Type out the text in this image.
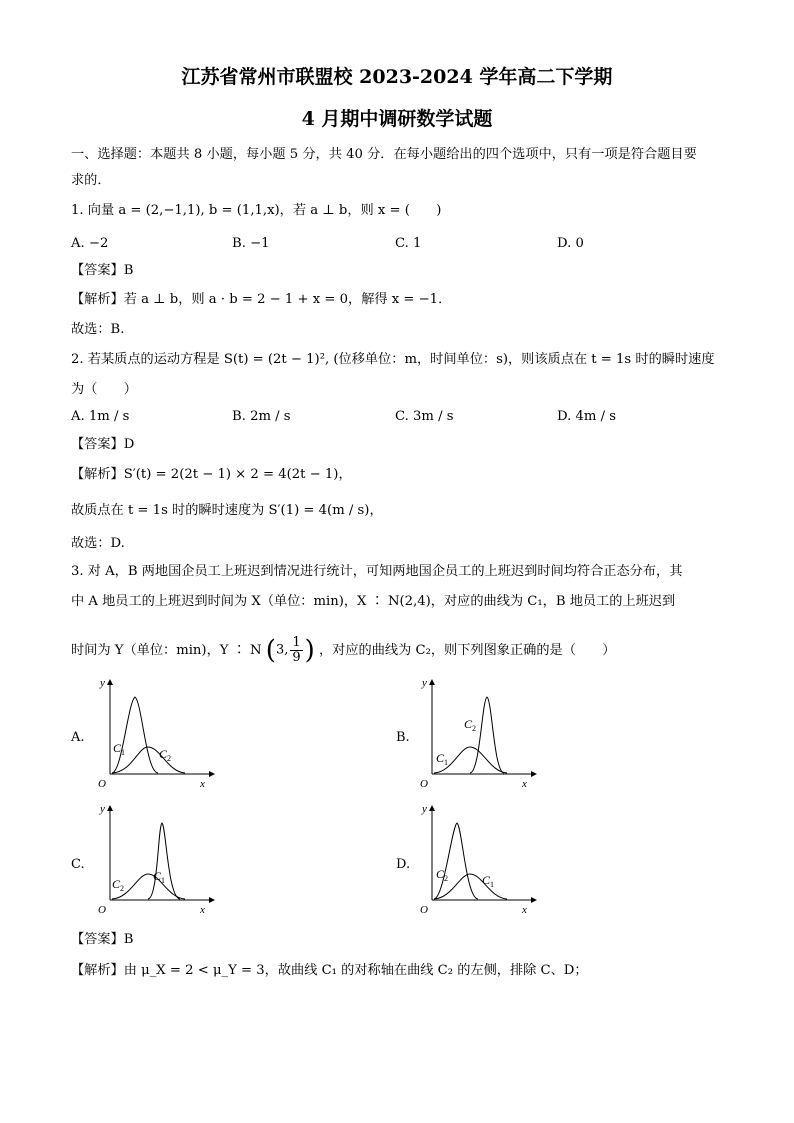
江苏省常州市联盟校 2023-2024 学年高二下学期
4 月期中调研数学试题
一、选择题：本题共 8 小题，每小题 5 分，共 40 分．在每小题给出的四个选项中，只有一项是符合题目要
求的．
1. 向量 a = (2,−1,1), b = (1,1,x)，若 a ⊥ b，则 x = (　　)
A. −2	B. −1	C. 1	D. 0
【答案】B
【解析】若 a ⊥ b，则 a · b = 2 − 1 + x = 0，解得 x = −1．
故选：B.
2. 若某质点的运动方程是 S(t) = (2t − 1)², (位移单位：m，时间单位：s)，则该质点在 t = 1s 时的瞬时速度
为（　　）
A. 1m / s	B. 2m / s	C. 3m / s	D. 4m / s
【答案】D
【解析】S′(t) = 2(2t − 1) × 2 = 4(2t − 1)，
故质点在 t = 1s 时的瞬时速度为 S′(1) = 4(m / s)，
故选：D.
3. 对 A，B 两地国企员工上班迟到情况进行统计，可知两地国企员工的上班迟到时间均符合正态分布，其
中 A 地员工的上班迟到时间为 X（单位：min)，X ∶ N(2,4)，对应的曲线为 C₁，B 地员工的上班迟到
时间为 Y（单位：min)，Y ∶ N (3, $\frac{1}{9}$ ) ，对应的曲线为 C₂，则下列图象正确的是（　　）
A.	B.
C.	D.
y
x
O
$C_1$	$C_2$
y
x
O
$C_1$
$C_2$
y
x
O
$C_2$
$C_1$
y
x
O
$C_2$	$C_1$
【答案】B
【解析】由 μ_X = 2 < μ_Y = 3，故曲线 C₁ 的对称轴在曲线 C₂ 的左侧，排除 C、D；
